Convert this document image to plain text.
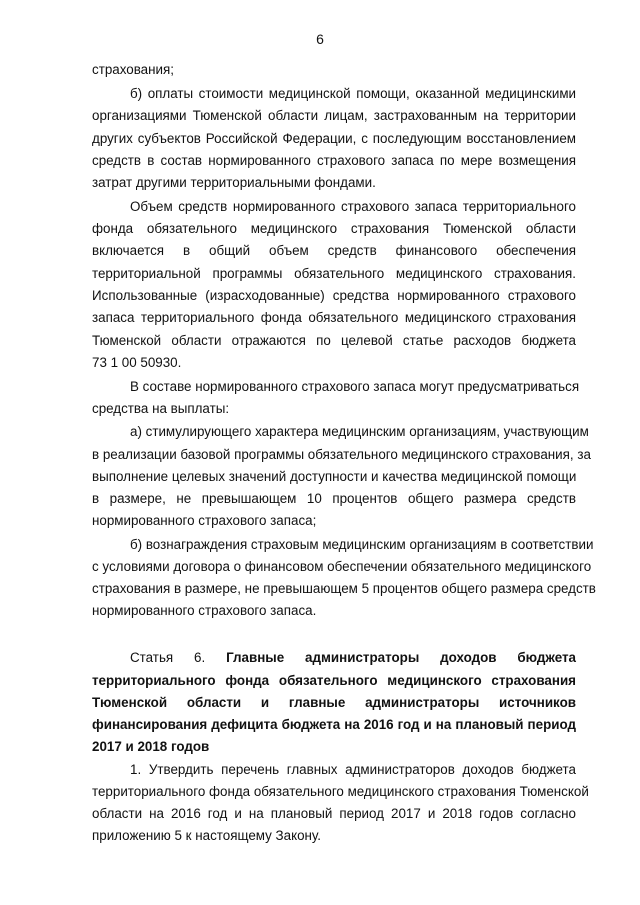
6
страхования;
б) оплаты стоимости медицинской помощи, оказанной медицинскими
организациями Тюменской области лицам, застрахованным на территории
других субъектов Российской Федерации, с последующим восстановлением
средств в состав нормированного страхового запаса по мере возмещения
затрат другими территориальными фондами.
Объем средств нормированного страхового запаса территориального
фонда обязательного медицинского страхования Тюменской области
включается в общий объем средств финансового обеспечения
территориальной программы обязательного медицинского страхования.
Использованные (израсходованные) средства нормированного страхового
запаса территориального фонда обязательного медицинского страхования
Тюменской области отражаются по целевой статье расходов бюджета
73 1 00 50930.
В составе нормированного страхового запаса могут предусматриваться
средства на выплаты:
а) стимулирующего характера медицинским организациям, участвующим
в реализации базовой программы обязательного медицинского страхования, за
выполнение целевых значений доступности и качества медицинской помощи
в размере, не превышающем 10 процентов общего размера средств
нормированного страхового запаса;
б) вознаграждения страховым медицинским организациям в соответствии
с условиями договора о финансовом обеспечении обязательного медицинского
страхования в размере, не превышающем 5 процентов общего размера средств
нормированного страхового запаса.
Статья 6. Главные администраторы доходов бюджета
территориального фонда обязательного медицинского страхования
Тюменской области и главные администраторы источников
финансирования дефицита бюджета на 2016 год и на плановый период
2017 и 2018 годов
1. Утвердить перечень главных администраторов доходов бюджета
территориального фонда обязательного медицинского страхования Тюменской
области на 2016 год и на плановый период 2017 и 2018 годов согласно
приложению 5 к настоящему Закону.
